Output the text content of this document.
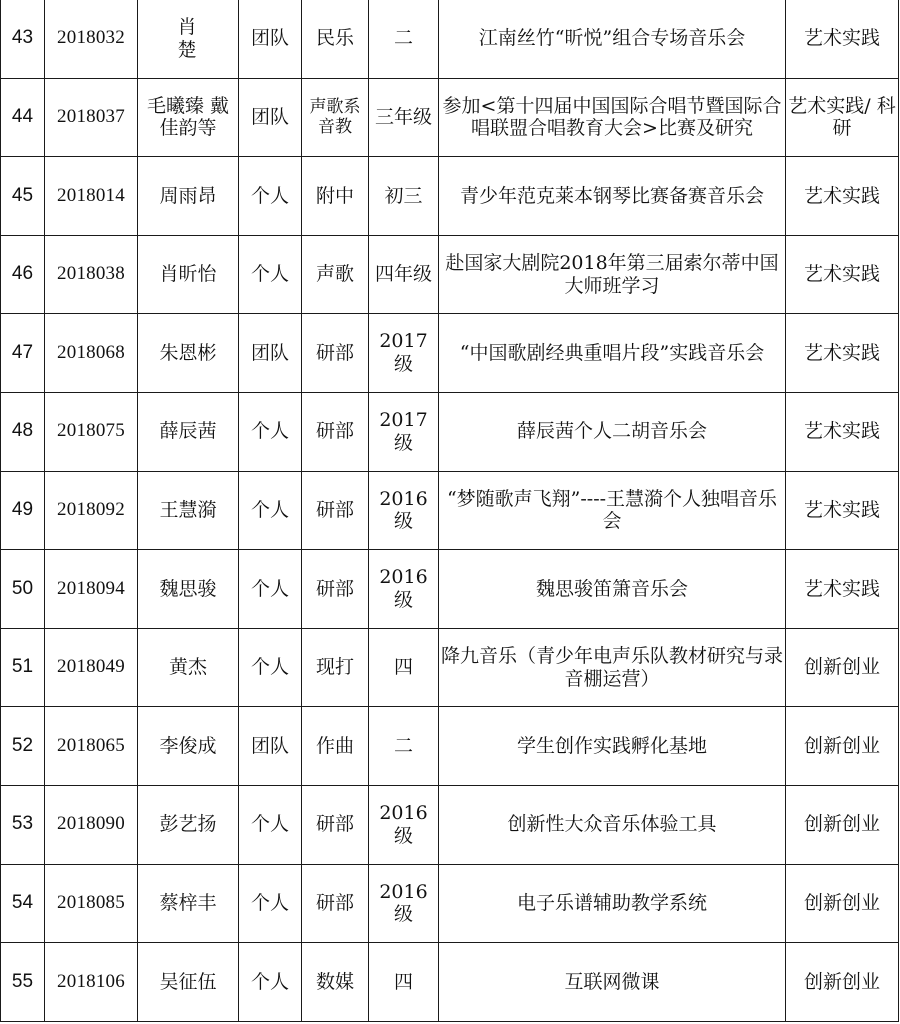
43	2018032	肖 楚	团队	民乐	二	江南丝竹“昕悦”组合专场音乐会	艺术实践
44	2018037	毛曦臻 戴佳韵等	团队	声歌系 音教	三年级	参加<第十四届中国国际合唱节暨国际合唱联盟合唱教育大会>比赛及研究	艺术实践/ 科研
45	2018014	周雨昂	个人	附中	初三	青少年范克莱本钢琴比赛备赛音乐会	艺术实践
46	2018038	肖昕怡	个人	声歌	四年级	赴国家大剧院2018年第三届索尔蒂中国大师班学习	艺术实践
47	2018068	朱恩彬	团队	研部	2017 级	“中国歌剧经典重唱片段”实践音乐会	艺术实践
48	2018075	薛辰茜	个人	研部	2017 级	薛辰茜个人二胡音乐会	艺术实践
49	2018092	王慧漪	个人	研部	2016 级	“梦随歌声飞翔”----王慧漪个人独唱音乐会	艺术实践
50	2018094	魏思骏	个人	研部	2016 级	魏思骏笛箫音乐会	艺术实践
51	2018049	黄杰	个人	现打	四	降九音乐（青少年电声乐队教材研究与录音棚运营）	创新创业
52	2018065	李俊成	团队	作曲	二	学生创作实践孵化基地	创新创业
53	2018090	彭艺扬	个人	研部	2016 级	创新性大众音乐体验工具	创新创业
54	2018085	蔡梓丰	个人	研部	2016 级	电子乐谱辅助教学系统	创新创业
55	2018106	吴征伍	个人	数媒	四	互联网微课	创新创业
